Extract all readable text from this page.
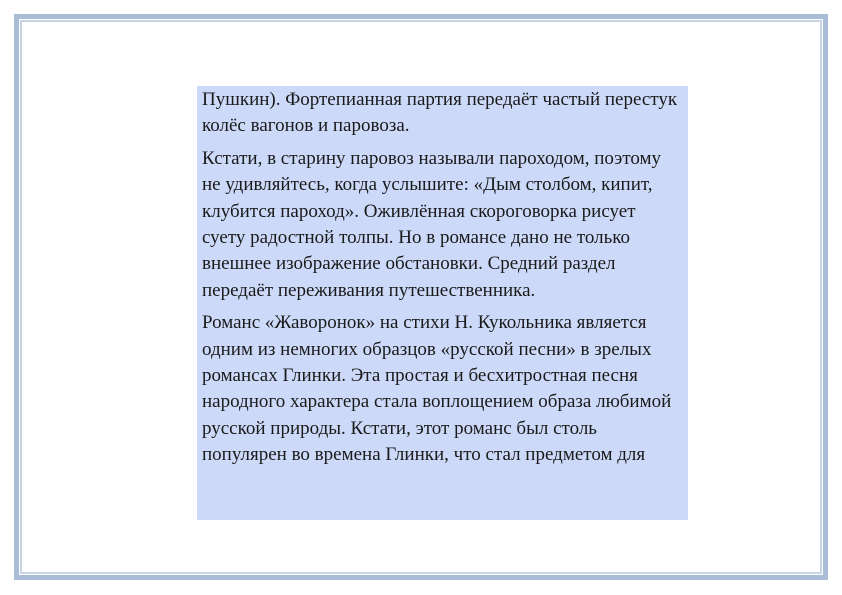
Пушкин). Фортепианная партия передаёт частый перестук колёс вагонов и паровоза.

Кстати, в старину паровоз называли пароходом, поэтому не удивляйтесь, когда услышите: «Дым столбом, кипит, клубится пароход». Оживлённая скороговорка рисует суету радостной толпы. Но в романсе дано не только внешнее изображение обстановки. Средний раздел передаёт переживания путешественника.

Романс «Жаворонок» на стихи Н. Кукольника является одним из немногих образцов «русской песни» в зрелых романсах Глинки. Эта простая и бесхитростная песня народного характера стала воплощением образа любимой русской природы. Кстати, этот романс был столь популярен во времена Глинки, что стал предметом для
